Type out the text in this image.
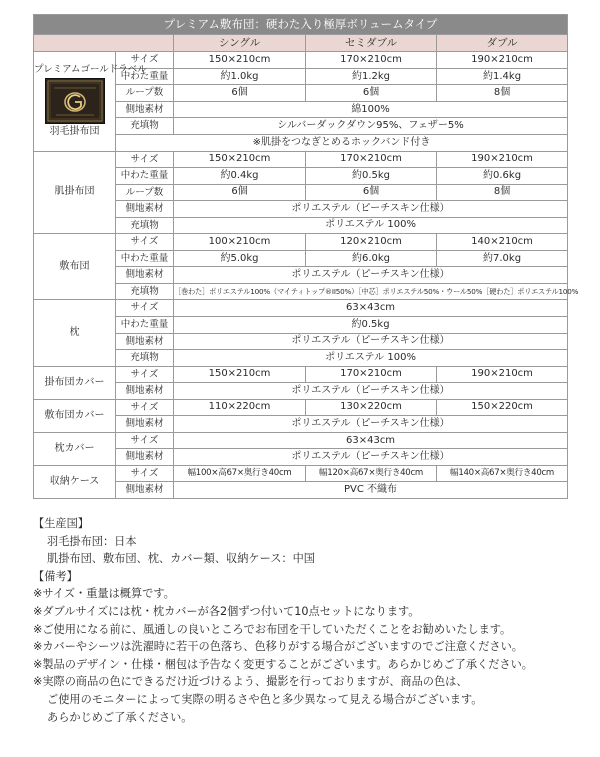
プレミアム敷布団：硬わた入り極厚ボリュームタイプ				
		シングル	セミダブル	ダブル

プレミアムゴールドラベル
羽毛掛布団	サイズ	150×210cm	170×210cm	190×210cm
	中わた重量	約1.0kg	約1.2kg	約1.4kg
	ループ数	6個	6個	8個
	側地素材	綿100%		
	充填物	シルバーダックダウン95%、フェザー5%		
	※肌掛をつなぎとめるホックバンド付き			
肌掛布団	サイズ	150×210cm	170×210cm	190×210cm
	中わた重量	約0.4kg	約0.5kg	約0.6kg
	ループ数	6個	6個	8個
	側地素材	ポリエステル（ピーチスキン仕様）		
	充填物	ポリエステル 100%		
敷布団	サイズ	100×210cm	120×210cm	140×210cm
	中わた重量	約5.0kg	約6.0kg	約7.0kg
	側地素材	ポリエステル（ピーチスキン仕様）		
	充填物	［巻わた］ポリエステル100%（マイティトップ®II50%）［中芯］ポリエステル50%・ウール50%［硬わた］ポリエステル100%		
枕	サイズ	63×43cm		
	中わた重量	約0.5kg		
	側地素材	ポリエステル（ピーチスキン仕様）		
	充填物	ポリエステル 100%		
掛布団カバー	サイズ	150×210cm	170×210cm	190×210cm
	側地素材	ポリエステル（ピーチスキン仕様）		
敷布団カバー	サイズ	110×220cm	130×220cm	150×220cm
	側地素材	ポリエステル（ピーチスキン仕様）		
枕カバー	サイズ	63×43cm		
	側地素材	ポリエステル（ピーチスキン仕様）		
収納ケース	サイズ	幅100×高67×奥行き40cm	幅120×高67×奥行き40cm	幅140×高67×奥行き40cm
	側地素材	PVC 不織布		
【生産国】
羽毛掛布団：日本
肌掛布団、敷布団、枕、カバー類、収納ケース：中国
【備考】
※サイズ・重量は概算です。
※ダブルサイズには枕・枕カバーが各2個ずつ付いて10点セットになります。
※ご使用になる前に、風通しの良いところでお布団を干していただくことをお勧めいたします。
※カバーやシーツは洗濯時に若干の色落ち、色移りがする場合がございますのでご注意ください。
※製品のデザイン・仕様・梱包は予告なく変更することがございます。あらかじめご了承ください。
※実際の商品の色にできるだけ近づけるよう、撮影を行っておりますが、商品の色は、
ご使用のモニターによって実際の明るさや色と多少異なって見える場合がございます。
あらかじめご了承ください。
